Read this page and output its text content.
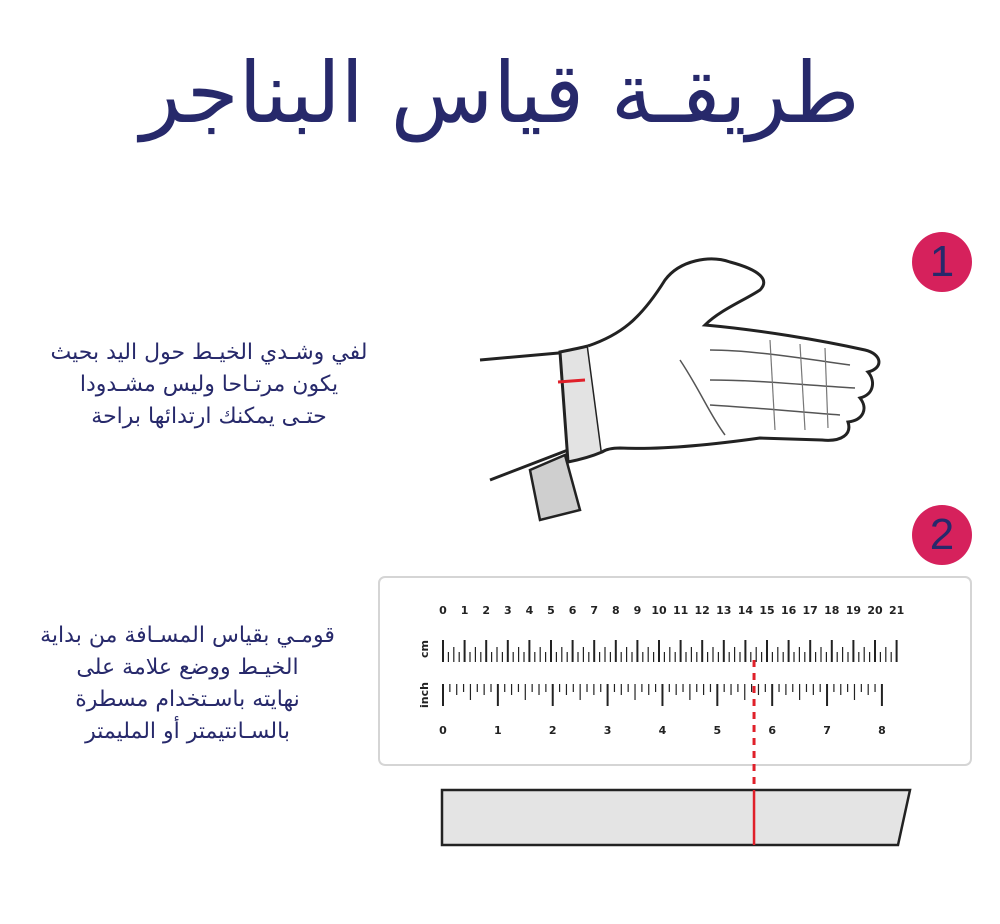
طريقـة قياس البناجر
1
لفي وشـدي الخيـط حول اليد بحيث
يكون مرتـاحا وليس مشـدودا
حتـى يمكنك ارتدائها براحة
2
قومـي بقياس المسـافة من بداية
الخيـط ووضع علامة على
نهايته باسـتخدام مسطرة
بالسـانتيمتر أو المليمتر
cm
inch
0 1 2 3 4 5 6 7 8 9 10 11 12 13 14 15 16 17 18 19 20 21
0	1	2	3	4	5	6	7	8
